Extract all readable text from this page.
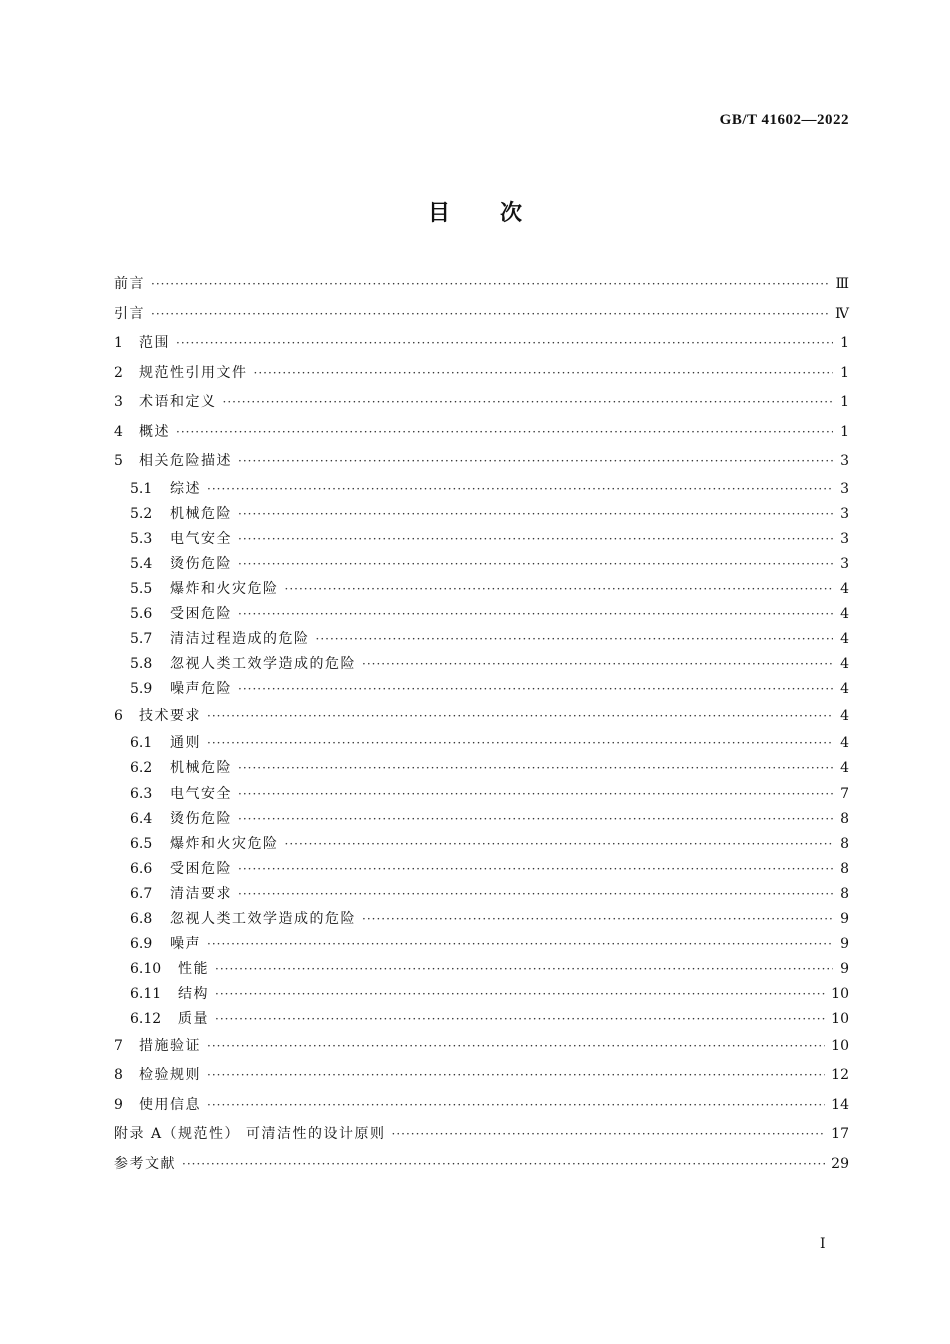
GB/T 41602—2022
目次
前言 ·····	Ⅲ
引言 ·····	Ⅳ
1	范围 ·····	1
2	规范性引用文件 ·····	1
3	术语和定义 ·····	1
4	概述 ·····	1
5	相关危险描述 ·····	3
5.1	综述 ·····	3
5.2	机械危险 ·····	3
5.3	电气安全 ·····	3
5.4	烫伤危险 ·····	3
5.5	爆炸和火灾危险 ·····	4
5.6	受困危险 ·····	4
5.7	清洁过程造成的危险 ·····	4
5.8	忽视人类工效学造成的危险 ·····	4
5.9	噪声危险 ·····	4
6	技术要求 ·····	4
6.1	通则 ·····	4
6.2	机械危险 ·····	4
6.3	电气安全 ·····	7
6.4	烫伤危险 ·····	8
6.5	爆炸和火灾危险 ·····	8
6.6	受困危险 ·····	8
6.7	清洁要求 ·····	8
6.8	忽视人类工效学造成的危险 ·····	9
6.9	噪声 ·····	9
6.10	性能 ·····	9
6.11	结构 ·····	10
6.12	质量 ·····	10
7	措施验证 ·····	10
8	检验规则 ·····	12
9	使用信息 ·····	14
附录 A（规范性） 可清洁性的设计原则 ·····	17
参考文献 ·····	29
Ⅰ
